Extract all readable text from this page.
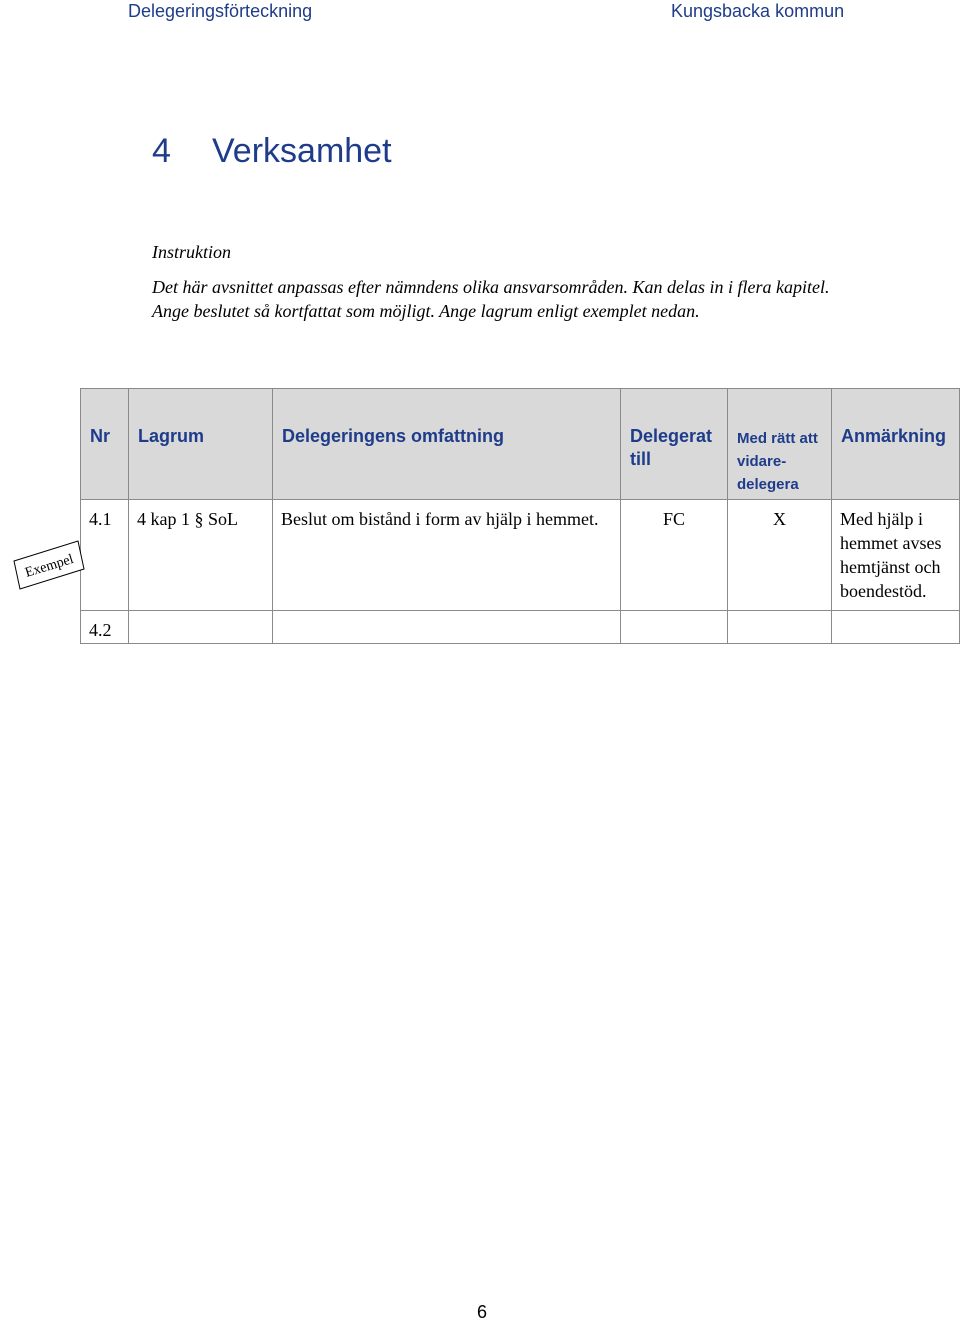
Delegeringsförteckning	Kungsbacka kommun
4 Verksamhet
Instruktion
Det här avsnittet anpassas efter nämndens olika ansvarsområden. Kan delas in i flera kapitel. Ange beslutet så kortfattat som möjligt. Ange lagrum enligt exemplet nedan.
Nr	Lagrum	Delegeringens omfattning	Delegerat till	Med rätt att vidare-delegera	Anmärkning
4.1	4 kap 1 § SoL	Beslut om bistånd i form av hjälp i hemmet.	FC	X	Med hjälp i hemmet avses hemtjänst och boendestöd.
4.2					
Exempel
6
